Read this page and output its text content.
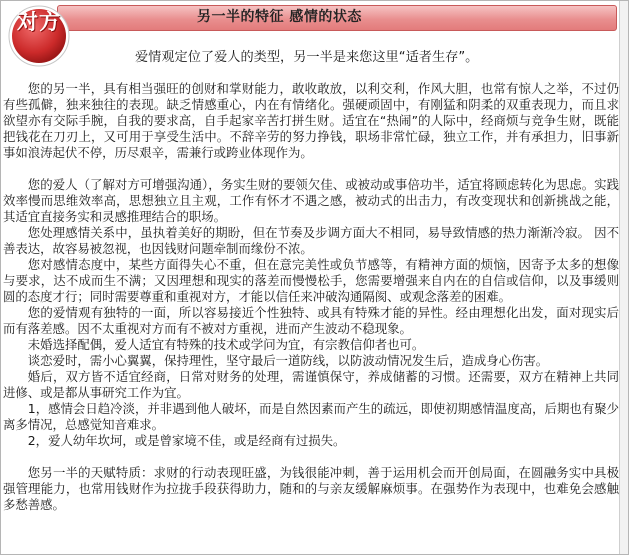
另一半的特征 感情的状态
对方
爱情观定位了爱人的类型，另一半是来您这里“适者生存”。

您的另一半，具有相当强旺的创财和掌财能力，敢收敢放，以利交利，作风大胆，也常有惊人之举，不过仍有些孤僻，独来独往的表现。缺乏情感重心，内在有情绪化。强硬顽固中，有刚猛和阴柔的双重表现力，而且求欲望亦有交际手腕，自我的要求高，自手起家辛苦打拼生财。适宜在“热闹”的人际中，经商烦与竞争生财，既能把钱花在刀刃上，又可用于享受生活中。不辞辛劳的努力挣钱，职场非常忙碌，独立工作，并有承担力，旧事新事如浪涛起伏不停，历尽艰辛，需兼行或跨业体现作为。

您的爱人（了解对方可增强沟通），务实生财的要领欠佳、或被动或事倍功半，适宜将顾虑转化为思虑。实践效率慢而思维效率高，思想独立且主观，工作有怀才不遇之感，被动式的出击力，有改变现状和创新挑战之能，其适宜直接务实和灵感推理结合的职场。

您处理感情关系中，虽执着美好的期盼，但在节奏及步调方面大不相同，易导致情感的热力渐渐冷寂。 因不善表达，故容易被忽视，也因钱财问题牵制而缘份不浓。

您对感情态度中，某些方面得失心不重，但在意完美性或负节感等，有精神方面的烦恼，因寄予太多的想像与要求，达不成而生不满；又因理想和现实的落差而慢慢松手，您需要增强来自内在的自信或信仰，以及事缓则圆的态度才行；同时需要尊重和重视对方，才能以信任来冲破沟通隔阂、或观念落差的困难。

您的爱情观有独特的一面，所以容易接近个性独特、或具有特殊才能的异性。经由理想化出发，面对现实后而有落差感。因不太重视对方而有不被对方重视，进而产生波动不稳现象。

未婚选择配偶，爱人适宜有特殊的技术或学问为宜，有宗教信仰者也可。

谈恋爱时，需小心翼翼，保持理性，坚守最后一道防线，以防波动情况发生后，造成身心伤害。

婚后，双方皆不适宜经商，日常对财务的处理，需谨慎保守，养成储蓄的习惯。还需要，双方在精神上共同进修、或是都从事研究工作为宜。

1，感情会日趋冷淡，并非遇到他人破坏，而是自然因素而产生的疏远，即使初期感情温度高，后期也有聚少离多情况，总感觉知音难求。

2，爱人幼年坎坷，或是曾家境不佳，或是经商有过损失。

您另一半的天赋特质：求财的行动表现旺盛，为钱很能冲刺，善于运用机会而开创局面，在圆融务实中具极强管理能力，也常用钱财作为拉拢手段获得助力，随和的与亲友缓解麻烦事。在强势作为表现中，也难免会感触多愁善感。
